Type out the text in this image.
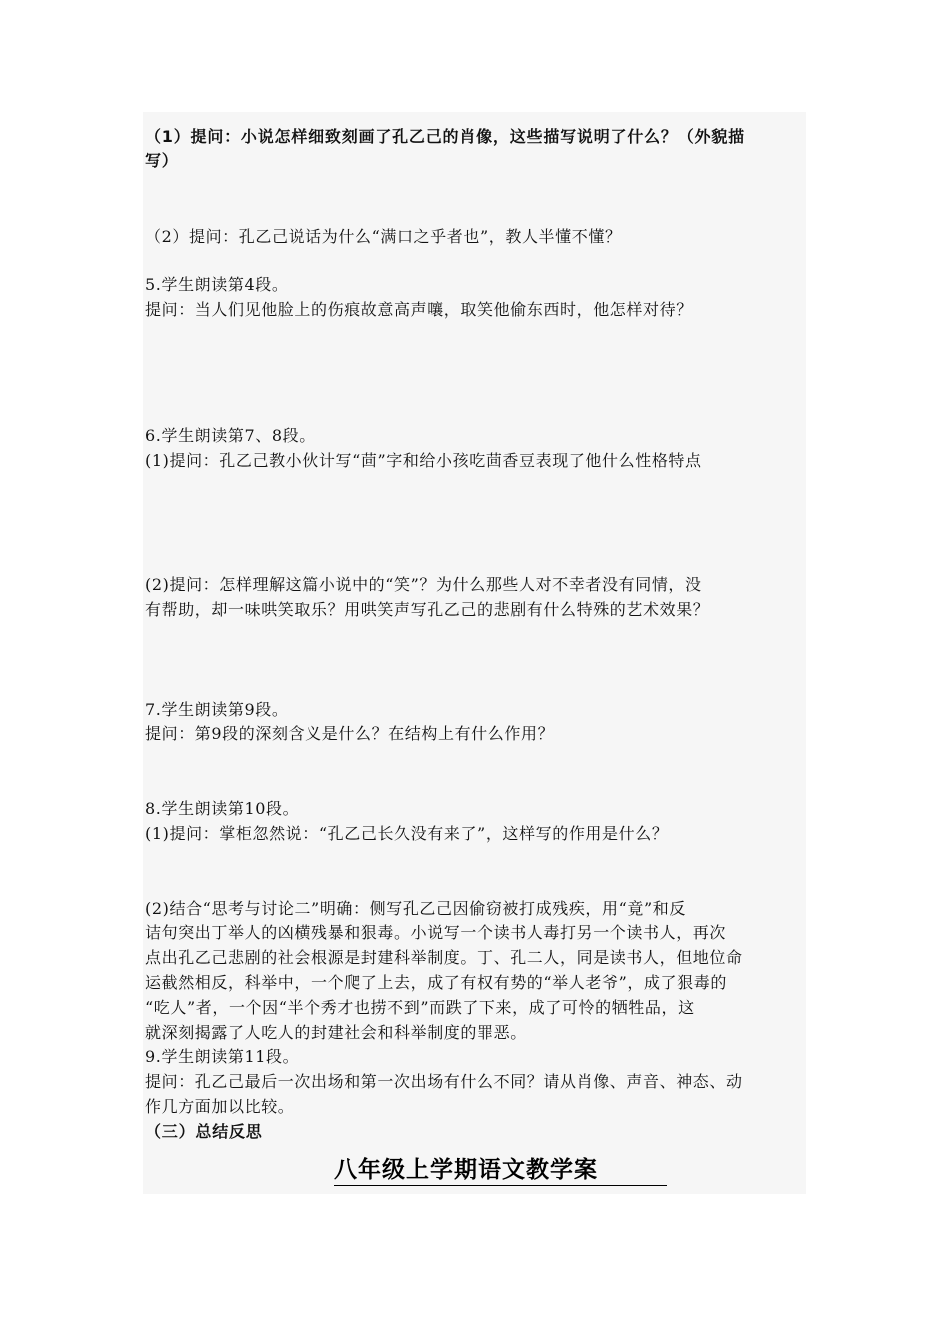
（1）提问：小说怎样细致刻画了孔乙己的肖像，这些描写说明了什么？（外貌描
写）
（2）提问：孔乙己说话为什么“满口之乎者也”，教人半懂不懂？
5.学生朗读第4段。
提问：当人们见他脸上的伤痕故意高声嚷，取笑他偷东西时，他怎样对待？
6.学生朗读第7、8段。
(1)提问：孔乙己教小伙计写“茴”字和给小孩吃茴香豆表现了他什么性格特点
(2)提问：怎样理解这篇小说中的“笑”？为什么那些人对不幸者没有同情，没
有帮助，却一味哄笑取乐？用哄笑声写孔乙己的悲剧有什么特殊的艺术效果？
7.学生朗读第9段。
提问：第9段的深刻含义是什么？在结构上有什么作用？
8.学生朗读第10段。
(1)提问：掌柜忽然说：“孔乙己长久没有来了”，这样写的作用是什么？
(2)结合“思考与讨论二”明确：侧写孔乙己因偷窃被打成残疾，用“竟”和反
诘句突出丁举人的凶横残暴和狠毒。小说写一个读书人毒打另一个读书人，再次
点出孔乙己悲剧的社会根源是封建科举制度。丁、孔二人，同是读书人，但地位命
运截然相反，科举中，一个爬了上去，成了有权有势的“举人老爷”，成了狠毒的
“吃人”者，一个因“半个秀才也捞不到”而跌了下来，成了可怜的牺牲品，这
就深刻揭露了人吃人的封建社会和科举制度的罪恶。
9.学生朗读第11段。
提问：孔乙己最后一次出场和第一次出场有什么不同？请从肖像、声音、神态、动
作几方面加以比较。
（三）总结反思
八年级上学期语文教学案
